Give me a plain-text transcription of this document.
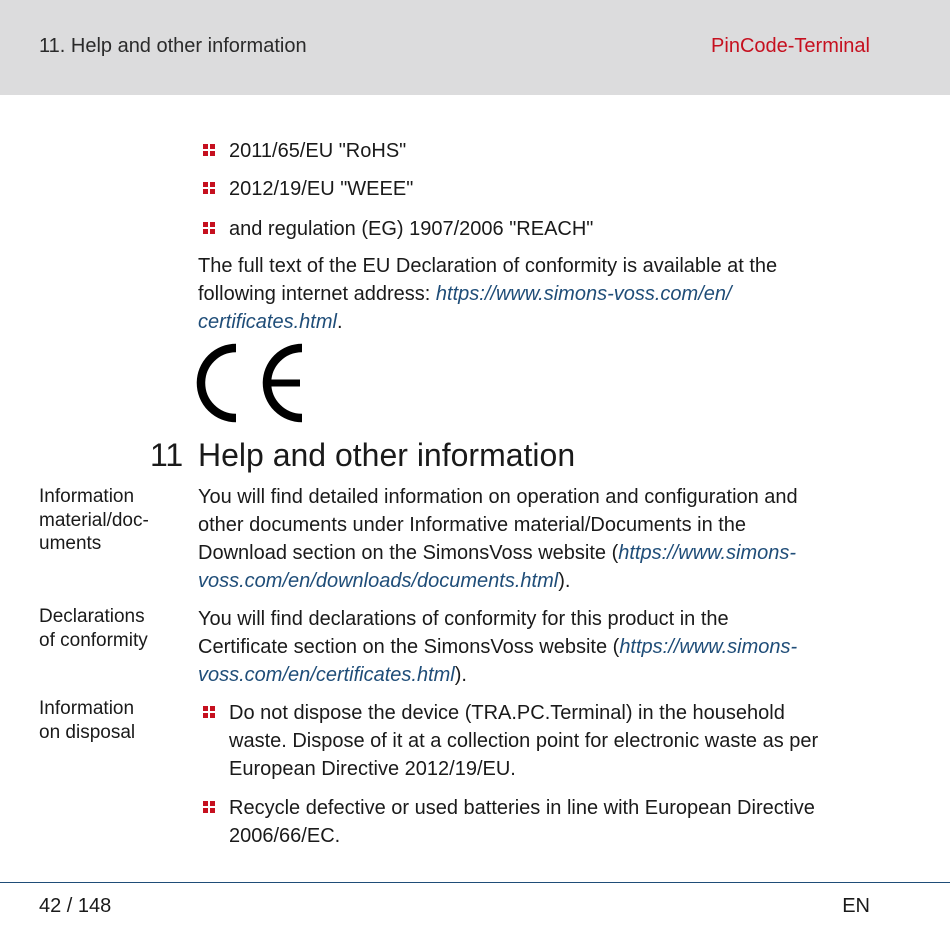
11. Help and other information	PinCode-Terminal
2011/65/EU "RoHS"
2012/19/EU "WEEE"
and regulation (EG) 1907/2006 "REACH"
The full text of the EU Declaration of conformity is available at the
following internet address: https://www.simons-voss.com/en/
certificates.html.
11 Help and other information
Information
material/doc-
uments
You will find detailed information on operation and configuration and
other documents under Informative material/Documents in the
Download section on the SimonsVoss website (https://www.simons-
voss.com/en/downloads/documents.html).
Declarations
of conformity
You will find declarations of conformity for this product in the
Certificate section on the SimonsVoss website (https://www.simons-
voss.com/en/certificates.html).
Information
on disposal
Do not dispose the device (TRA.PC.Terminal) in the household
waste. Dispose of it at a collection point for electronic waste as per
European Directive 2012/19/EU.
Recycle defective or used batteries in line with European Directive
2006/66/EC.
42 / 148	EN
